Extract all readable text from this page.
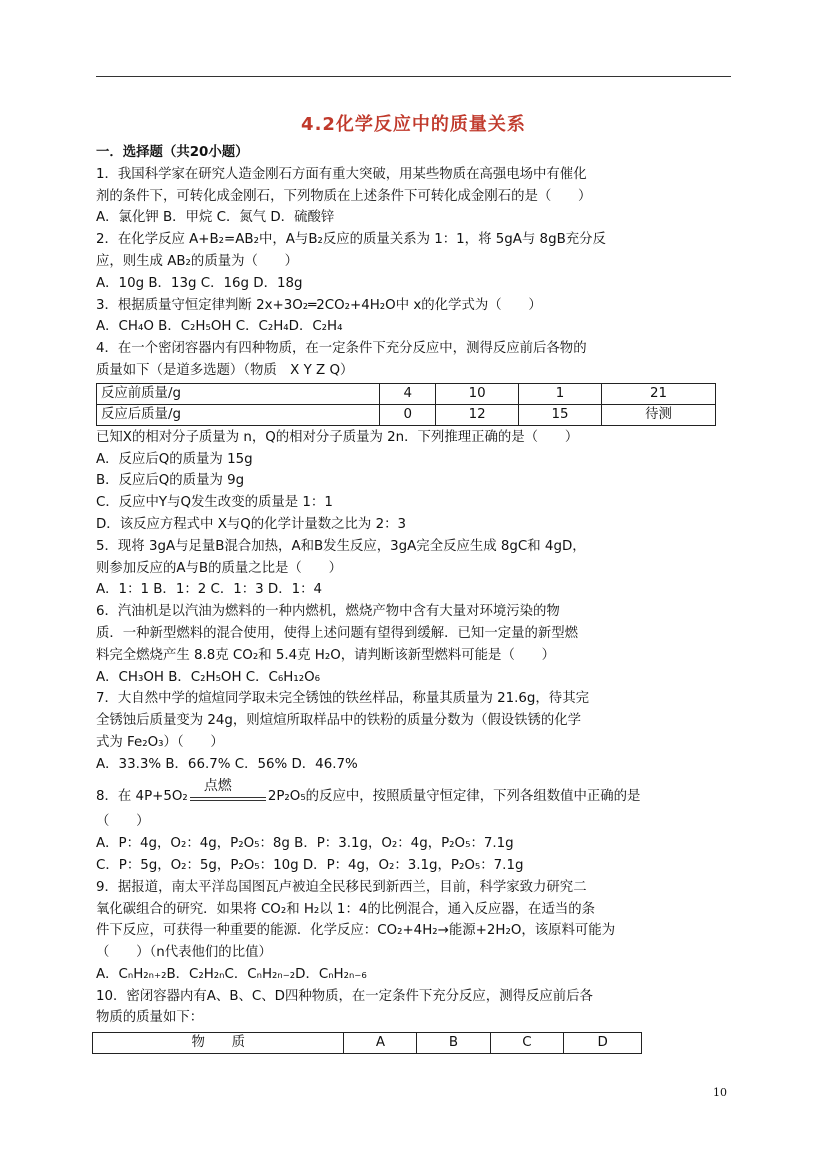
4.2化学反应中的质量关系

一．选择题（共20小题）

1．我国科学家在研究人造金刚石方面有重大突破，用某些物质在高强电场中有催化

剂的条件下，可转化成金刚石，下列物质在上述条件下可转化成金刚石的是（　　）

A．氯化钾 B．甲烷 C．氮气 D．硫酸锌

2．在化学反应 A+B₂=AB₂中，A与B₂反应的质量关系为 1：1，将 5gA与 8gB充分反

应，则生成 AB₂的质量为（　　）

A．10g B．13g C．16g D．18g

3．根据质量守恒定律判断 2x+3O₂═2CO₂+4H₂O中 x的化学式为（　　）

A．CH₄O B．C₂H₅OH C．C₂H₄D．C₂H₄

4．在一个密闭容器内有四种物质，在一定条件下充分反应中，测得反应前后各物的

质量如下（是道多选题）（物质　X Y Z Q）

反应前质量/g	4	10	1	21
反应后质量/g	0	12	15	待测

已知X的相对分子质量为 n，Q的相对分子质量为 2n．下列推理正确的是（　　）

A．反应后Q的质量为 15g

B．反应后Q的质量为 9g

C．反应中Y与Q发生改变的质量是 1：1

D．该反应方程式中 X与Q的化学计量数之比为 2：3

5．现将 3gA与足量B混合加热，A和B发生反应，3gA完全反应生成 8gC和 4gD，

则参加反应的A与B的质量之比是（　　）

A．1：1 B．1：2 C．1：3 D．1：4

6．汽油机是以汽油为燃料的一种内燃机，燃烧产物中含有大量对环境污染的物

质．一种新型燃料的混合使用，使得上述问题有望得到缓解．已知一定量的新型燃

料完全燃烧产生 8.8克 CO₂和 5.4克 H₂O，请判断该新型燃料可能是（　　）

A．CH₃OH B．C₂H₅OH C．C₆H₁₂O₆

7．大自然中学的煊煊同学取未完全锈蚀的铁丝样品，称量其质量为 21.6g，待其完

全锈蚀后质量变为 24g，则煊煊所取样品中的铁粉的质量分数为（假设铁锈的化学

式为 Fe₂O₃）（　　）

A．33.3% B．66.7% C．56% D．46.7%

8．在 4P+5O₂
点燃
2P₂O₅的反应中，按照质量守恒定律，下列各组数值中正确的是

（　　）

A．P：4g，O₂：4g，P₂O₅：8g B．P：3.1g，O₂：4g，P₂O₅：7.1g

C．P：5g，O₂：5g，P₂O₅：10g D．P：4g，O₂：3.1g，P₂O₅：7.1g

9．据报道，南太平洋岛国图瓦卢被迫全民移民到新西兰，目前，科学家致力研究二

氧化碳组合的研究．如果将 CO₂和 H₂以 1：4的比例混合，通入反应器，在适当的条

件下反应，可获得一种重要的能源．化学反应：CO₂+4H₂→能源+2H₂O，该原料可能为

（　　）（n代表他们的比值）

A．CₙH₂ₙ₊₂B．C₂H₂ₙC．CₙH₂ₙ₋₂D．CₙH₂ₙ₋₆

10．密闭容器内有A、B、C、D四种物质，在一定条件下充分反应，测得反应前后各

物质的质量如下：

物　　质	A	B	C	D
10
